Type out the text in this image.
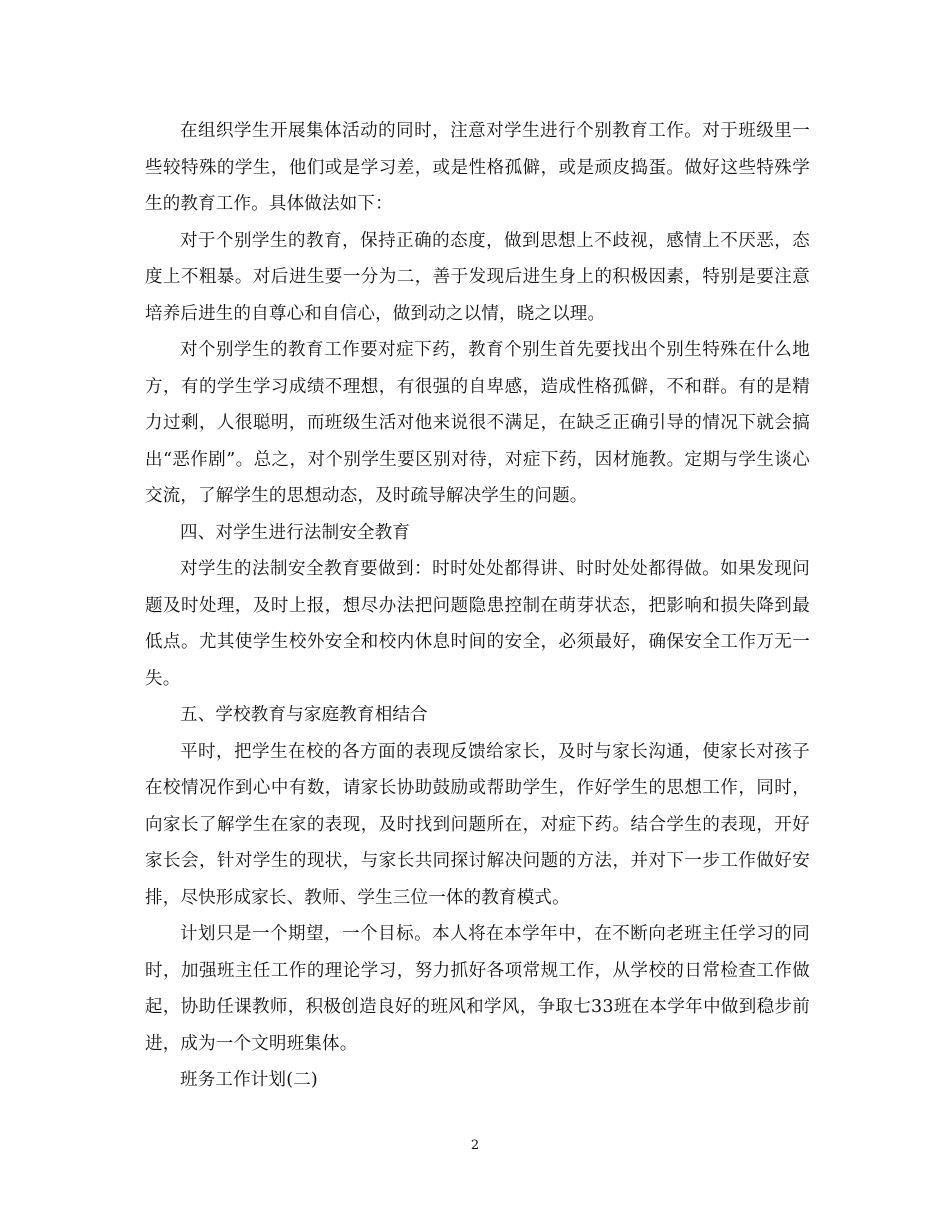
在组织学生开展集体活动的同时，注意对学生进行个别教育工作。对于班级里一些较特殊的学生，他们或是学习差，或是性格孤僻，或是顽皮捣蛋。做好这些特殊学生的教育工作。具体做法如下：

对于个别学生的教育，保持正确的态度，做到思想上不歧视，感情上不厌恶，态度上不粗暴。对后进生要一分为二，善于发现后进生身上的积极因素，特别是要注意培养后进生的自尊心和自信心，做到动之以情，晓之以理。

对个别学生的教育工作要对症下药，教育个别生首先要找出个别生特殊在什么地方，有的学生学习成绩不理想，有很强的自卑感，造成性格孤僻，不和群。有的是精力过剩，人很聪明，而班级生活对他来说很不满足，在缺乏正确引导的情况下就会搞出“恶作剧”。总之，对个别学生要区别对待，对症下药，因材施教。定期与学生谈心交流，了解学生的思想动态，及时疏导解决学生的问题。

四、对学生进行法制安全教育

对学生的法制安全教育要做到：时时处处都得讲、时时处处都得做。如果发现问题及时处理，及时上报，想尽办法把问题隐患控制在萌芽状态，把影响和损失降到最低点。尤其使学生校外安全和校内休息时间的安全，必须最好，确保安全工作万无一失。

五、学校教育与家庭教育相结合

平时，把学生在校的各方面的表现反馈给家长，及时与家长沟通，使家长对孩子在校情况作到心中有数，请家长协助鼓励或帮助学生，作好学生的思想工作，同时，向家长了解学生在家的表现，及时找到问题所在，对症下药。结合学生的表现，开好家长会，针对学生的现状，与家长共同探讨解决问题的方法，并对下一步工作做好安排，尽快形成家长、教师、学生三位一体的教育模式。

计划只是一个期望，一个目标。本人将在本学年中，在不断向老班主任学习的同时，加强班主任工作的理论学习，努力抓好各项常规工作，从学校的日常检查工作做起，协助任课教师，积极创造良好的班风和学风，争取七33班在本学年中做到稳步前进，成为一个文明班集体。

班务工作计划(二)

2
